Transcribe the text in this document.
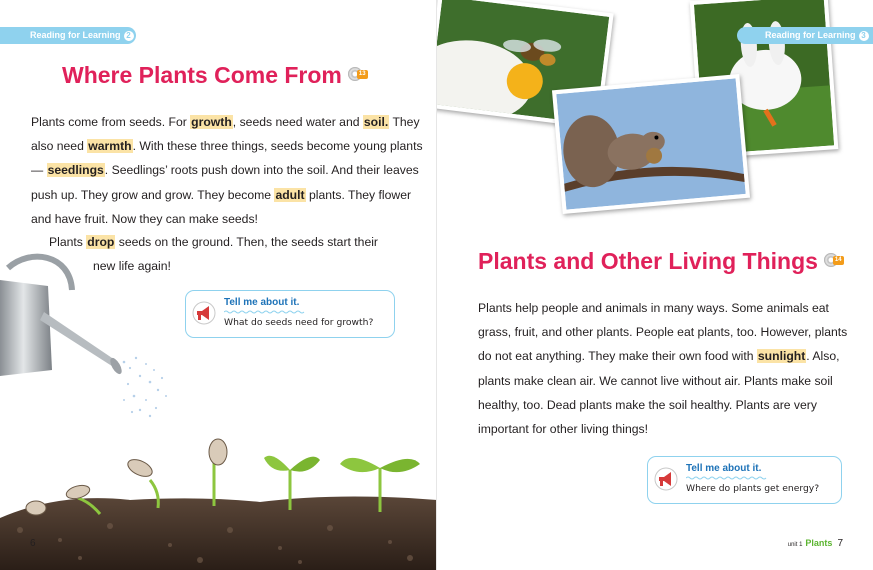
Reading for Learning 2
Where Plants Come From	13
Plants come from seeds. For growth, seeds need water and soil. They also need warmth. With these three things, seeds become young plants — seedlings. Seedlings’ roots push down into the soil. And their leaves push up. They grow and grow. They become adult plants. They flower and have fruit. Now they can make seeds!
Plants drop seeds on the ground. Then, the seeds start their
new life again!
Tell me about it.
What do seeds need for growth?
6
Reading for Learning 3
Plants and Other Living Things	14
Plants help people and animals in many ways. Some animals eat grass, fruit, and other plants. People eat plants, too. However, plants do not eat anything. They make their own food with sunlight. Also, plants make clean air. We cannot live without air. Plants make soil healthy, too. Dead plants make the soil healthy. Plants are very important for other living things!
Tell me about it.
Where do plants get energy?
unit 1 Plants 7
